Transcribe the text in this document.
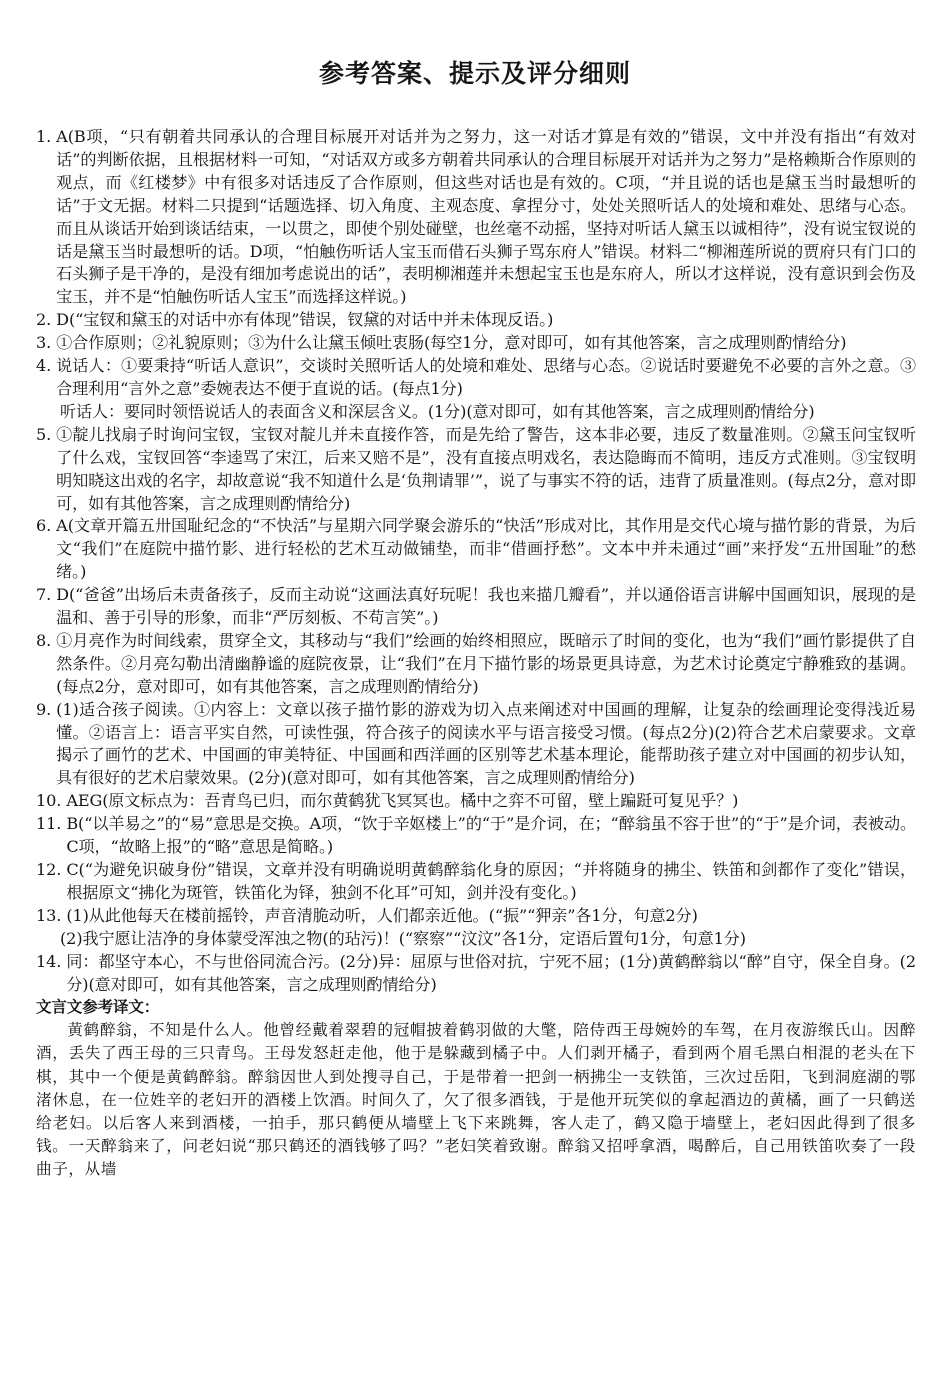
参考答案、提示及评分细则
1. A(B项，“只有朝着共同承认的合理目标展开对话并为之努力，这一对话才算是有效的”错误，文中并没有指出“有效对话”的判断依据，且根据材料一可知，“对话双方或多方朝着共同承认的合理目标展开对话并为之努力”是格赖斯合作原则的观点，而《红楼梦》中有很多对话违反了合作原则，但这些对话也是有效的。C项，“并且说的话也是黛玉当时最想听的话”于文无据。材料二只提到“话题选择、切入角度、主观态度、拿捏分寸，处处关照听话人的处境和难处、思绪与心态。而且从谈话开始到谈话结束，一以贯之，即使个别处碰壁，也丝毫不动摇，坚持对听话人黛玉以诚相待”，没有说宝钗说的话是黛玉当时最想听的话。D项，“怕触伤听话人宝玉而借石头狮子骂东府人”错误。材料二“柳湘莲所说的贾府只有门口的石头狮子是干净的，是没有细加考虑说出的话”，表明柳湘莲并未想起宝玉也是东府人，所以才这样说，没有意识到会伤及宝玉，并不是“怕触伤听话人宝玉”而选择这样说。)
2. D(“宝钗和黛玉的对话中亦有体现”错误，钗黛的对话中并未体现反语。)
3. ①合作原则；②礼貌原则；③为什么让黛玉倾吐衷肠(每空1分，意对即可，如有其他答案，言之成理则酌情给分)
4. 说话人：①要秉持“听话人意识”，交谈时关照听话人的处境和难处、思绪与心态。②说话时要避免不必要的言外之意。③合理利用“言外之意”委婉表达不便于直说的话。(每点1分)
听话人：要同时领悟说话人的表面含义和深层含义。(1分)(意对即可，如有其他答案，言之成理则酌情给分)
5. ①靛儿找扇子时询问宝钗，宝钗对靛儿并未直接作答，而是先给了警告，这本非必要，违反了数量准则。②黛玉问宝钗听了什么戏，宝钗回答“李逵骂了宋江，后来又赔不是”，没有直接点明戏名，表达隐晦而不简明，违反方式准则。③宝钗明明知晓这出戏的名字，却故意说“我不知道什么是‘负荆请罪’”，说了与事实不符的话，违背了质量准则。(每点2分，意对即可，如有其他答案，言之成理则酌情给分)
6. A(文章开篇五卅国耻纪念的“不快活”与星期六同学聚会游乐的“快活”形成对比，其作用是交代心境与描竹影的背景，为后文“我们”在庭院中描竹影、进行轻松的艺术互动做铺垫，而非“借画抒愁”。文本中并未通过“画”来抒发“五卅国耻”的愁绪。)
7. D(“爸爸”出场后未责备孩子，反而主动说“这画法真好玩呢！我也来描几瓣看”，并以通俗语言讲解中国画知识，展现的是温和、善于引导的形象，而非“严厉刻板、不苟言笑”。)
8. ①月亮作为时间线索，贯穿全文，其移动与“我们”绘画的始终相照应，既暗示了时间的变化，也为“我们”画竹影提供了自然条件。②月亮勾勒出清幽静谧的庭院夜景，让“我们”在月下描竹影的场景更具诗意，为艺术讨论奠定宁静雅致的基调。(每点2分，意对即可，如有其他答案，言之成理则酌情给分)
9. (1)适合孩子阅读。①内容上：文章以孩子描竹影的游戏为切入点来阐述对中国画的理解，让复杂的绘画理论变得浅近易懂。②语言上：语言平实自然，可读性强，符合孩子的阅读水平与语言接受习惯。(每点2分)(2)符合艺术启蒙要求。文章揭示了画竹的艺术、中国画的审美特征、中国画和西洋画的区别等艺术基本理论，能帮助孩子建立对中国画的初步认知，具有很好的艺术启蒙效果。(2分)(意对即可，如有其他答案，言之成理则酌情给分)
10. AEG(原文标点为：吾青鸟已归，而尔黄鹤犹飞冥冥也。橘中之弈不可留，壁上蹁跹可复见乎？)
11. B(“以羊易之”的“易”意思是交换。A项，“饮于辛妪楼上”的“于”是介词，在；“醉翁虽不容于世”的“于”是介词，表被动。C项，“故略上报”的“略”意思是简略。)
12. C(“为避免识破身份”错误，文章并没有明确说明黄鹤醉翁化身的原因；“并将随身的拂尘、铁笛和剑都作了变化”错误，根据原文“拂化为斑管，铁笛化为铎，独剑不化耳”可知，剑并没有变化。)
13. (1)从此他每天在楼前摇铃，声音清脆动听，人们都亲近他。(“振”“狎亲”各1分，句意2分)
(2)我宁愿让洁净的身体蒙受浑浊之物(的玷污)！(“察察”“汶汶”各1分，定语后置句1分，句意1分)
14. 同：都坚守本心，不与世俗同流合污。(2分)异：屈原与世俗对抗，宁死不屈；(1分)黄鹤醉翁以“醉”自守，保全自身。(2分)(意对即可，如有其他答案，言之成理则酌情给分)
文言文参考译文：
黄鹤醉翁，不知是什么人。他曾经戴着翠碧的冠帽披着鹤羽做的大氅，陪侍西王母婉妗的车驾，在月夜游缑氏山。因醉酒，丢失了西王母的三只青鸟。王母发怒赶走他，他于是躲藏到橘子中。人们剥开橘子，看到两个眉毛黑白相混的老头在下棋，其中一个便是黄鹤醉翁。醉翁因世人到处搜寻自己，于是带着一把剑一柄拂尘一支铁笛，三次过岳阳，飞到洞庭湖的鄂渚休息，在一位姓辛的老妇开的酒楼上饮酒。时间久了，欠了很多酒钱，于是他开玩笑似的拿起酒边的黄橘，画了一只鹤送给老妇。以后客人来到酒楼，一拍手，那只鹤便从墙壁上飞下来跳舞，客人走了，鹤又隐于墙壁上，老妇因此得到了很多钱。一天醉翁来了，问老妇说“那只鹤还的酒钱够了吗？”老妇笑着致谢。醉翁又招呼拿酒，喝醉后，自己用铁笛吹奏了一段曲子，从墙
